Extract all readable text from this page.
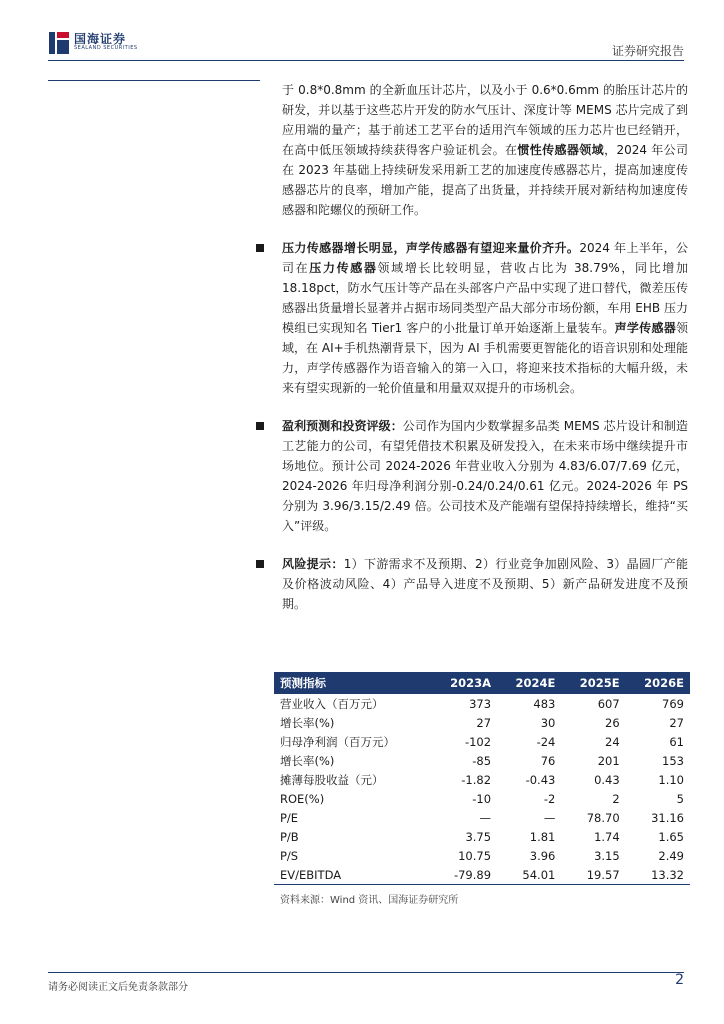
国海证券
SEALAND SECURITIES	证券研究报告

于 0.8*0.8mm 的全新血压计芯片，以及小于 0.6*0.6mm 的胎压计芯片的研发，并以基于这些芯片开发的防水气压计、深度计等 MEMS 芯片完成了到应用端的量产；基于前述工艺平台的适用汽车领域的压力芯片也已经销开，在高中低压领域持续获得客户验证机会。在惯性传感器领域，2024 年公司在 2023 年基础上持续研发采用新工艺的加速度传感器芯片，提高加速度传感器芯片的良率，增加产能，提高了出货量，并持续开展对新结构加速度传感器和陀螺仪的预研工作。

压力传感器增长明显，声学传感器有望迎来量价齐升。2024 年上半年，公司在压力传感器领域增长比较明显，营收占比为 38.79%，同比增加 18.18pct，防水气压计等产品在头部客户产品中实现了进口替代，微差压传感器出货量增长显著并占据市场同类型产品大部分市场份额，车用 EHB 压力模组已实现知名 Tier1 客户的小批量订单开始逐渐上量装车。声学传感器领域，在 AI+手机热潮背景下，因为 AI 手机需要更智能化的语音识别和处理能力，声学传感器作为语音输入的第一入口，将迎来技术指标的大幅升级，未来有望实现新的一轮价值量和用量双双提升的市场机会。

盈利预测和投资评级：公司作为国内少数掌握多品类 MEMS 芯片设计和制造工艺能力的公司，有望凭借技术积累及研发投入，在未来市场中继续提升市场地位。预计公司 2024-2026 年营业收入分别为 4.83/6.07/7.69 亿元，2024-2026 年归母净利润分别-0.24/0.24/0.61 亿元。2024-2026 年 PS 分别为 3.96/3.15/2.49 倍。公司技术及产能端有望保持持续增长，维持“买入”评级。

风险提示：1）下游需求不及预期、2）行业竞争加剧风险、3）晶圆厂产能及价格波动风险、4）产品导入进度不及预期、5）新产品研发进度不及预期。

预测指标	2023A	2024E	2025E	2026E
营业收入（百万元）	373	483	607	769
增长率(%)	27	30	26	27
归母净利润（百万元）	-102	-24	24	61
增长率(%)	-85	76	201	153
摊薄每股收益（元）	-1.82	-0.43	0.43	1.10
ROE(%)	-10	-2	2	5
P/E	—	—	78.70	31.16
P/B	3.75	1.81	1.74	1.65
P/S	10.75	3.96	3.15	2.49
EV/EBITDA	-79.89	54.01	19.57	13.32
资料来源：Wind 资讯、国海证券研究所
请务必阅读正文后免责条款部分	2
